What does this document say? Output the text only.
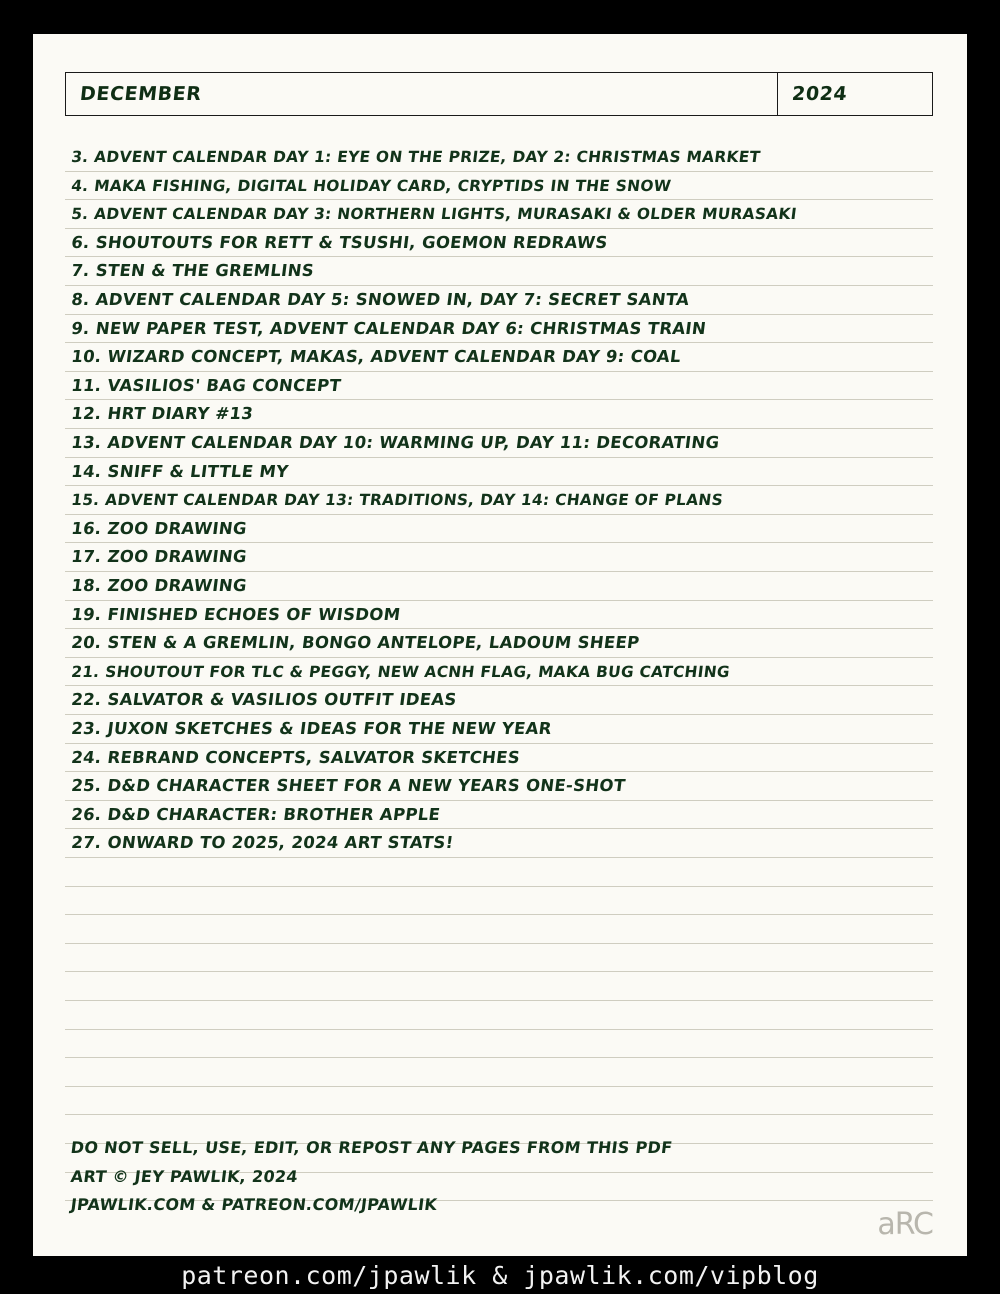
DECEMBER	2024
3. ADVENT CALENDAR DAY 1: EYE ON THE PRIZE, DAY 2: CHRISTMAS MARKET
4. MAKA FISHING, DIGITAL HOLIDAY CARD, CRYPTIDS IN THE SNOW
5. ADVENT CALENDAR DAY 3: NORTHERN LIGHTS, MURASAKI & OLDER MURASAKI
6. SHOUTOUTS FOR RETT & TSUSHI, GOEMON REDRAWS
7. STEN & THE GREMLINS
8. ADVENT CALENDAR DAY 5: SNOWED IN, DAY 7: SECRET SANTA
9. NEW PAPER TEST, ADVENT CALENDAR DAY 6: CHRISTMAS TRAIN
10. WIZARD CONCEPT, MAKAS, ADVENT CALENDAR DAY 9: COAL
11. VASILIOS' BAG CONCEPT
12. HRT DIARY #13
13. ADVENT CALENDAR DAY 10: WARMING UP, DAY 11: DECORATING
14. SNIFF & LITTLE MY
15. ADVENT CALENDAR DAY 13: TRADITIONS, DAY 14: CHANGE OF PLANS
16. ZOO DRAWING
17. ZOO DRAWING
18. ZOO DRAWING
19. FINISHED ECHOES OF WISDOM
20. STEN & A GREMLIN, BONGO ANTELOPE, LADOUM SHEEP
21. SHOUTOUT FOR TLC & PEGGY, NEW ACNH FLAG, MAKA BUG CATCHING
22. SALVATOR & VASILIOS OUTFIT IDEAS
23. JUXON SKETCHES & IDEAS FOR THE NEW YEAR
24. REBRAND CONCEPTS, SALVATOR SKETCHES
25. D&D CHARACTER SHEET FOR A NEW YEARS ONE-SHOT
26. D&D CHARACTER: BROTHER APPLE
27. ONWARD TO 2025, 2024 ART STATS!
DO NOT SELL, USE, EDIT, OR REPOST ANY PAGES FROM THIS PDF
ART © JEY PAWLIK, 2024
JPAWLIK.COM & PATREON.COM/JPAWLIK
aRC
patreon.com/jpawlik & jpawlik.com/vipblog
